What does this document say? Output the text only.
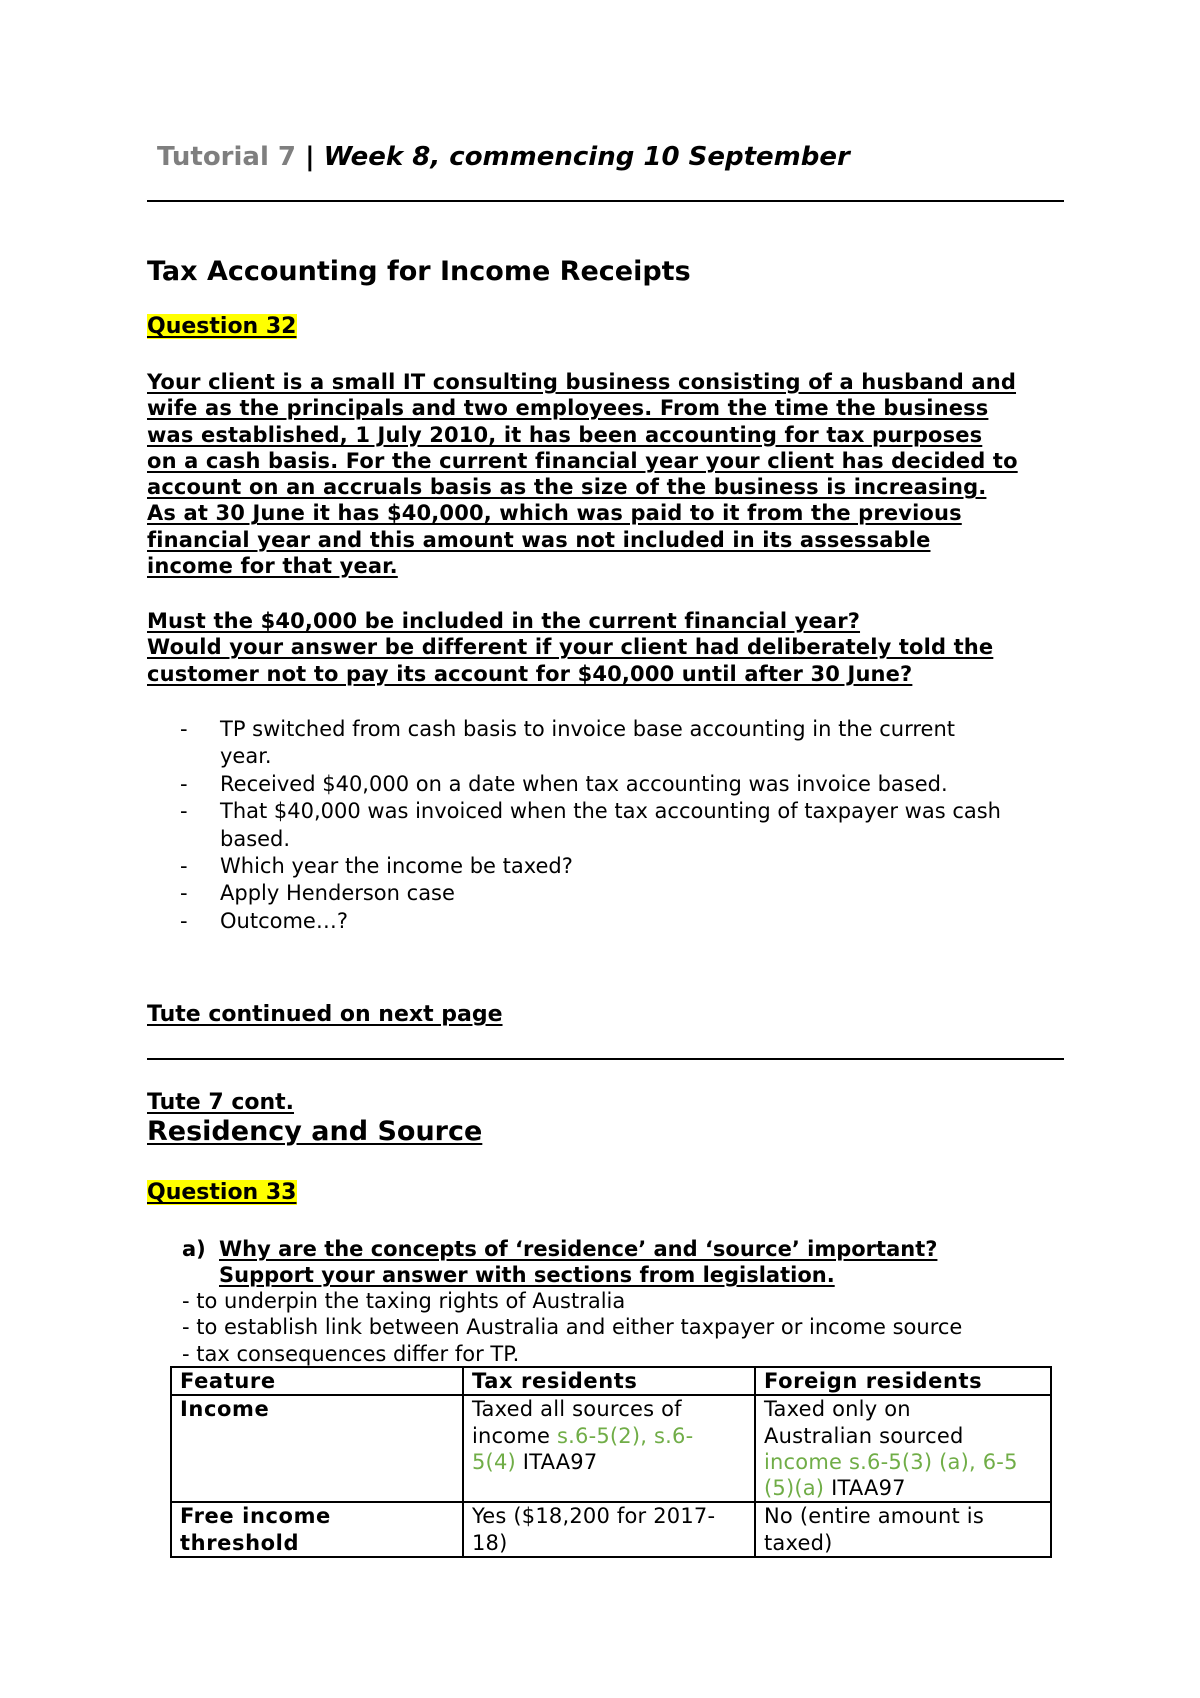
Tutorial 7 | Week 8, commencing 10 September
Tax Accounting for Income Receipts
Question 32
Your client is a small IT consulting business consisting of a husband and
wife as the principals and two employees. From the time the business
was established, 1 July 2010, it has been accounting for tax purposes
on a cash basis. For the current financial year your client has decided to
account on an accruals basis as the size of the business is increasing.
As at 30 June it has $40,000, which was paid to it from the previous
financial year and this amount was not included in its assessable
income for that year.
Must the $40,000 be included in the current financial year?
Would your answer be different if your client had deliberately told the
customer not to pay its account for $40,000 until after 30 June?
- TP switched from cash basis to invoice base accounting in the current
year.
- Received $40,000 on a date when tax accounting was invoice based.
- That $40,000 was invoiced when the tax accounting of taxpayer was cash
based.
- Which year the income be taxed?
- Apply Henderson case
- Outcome…?
Tute continued on next page
Tute 7 cont.
Residency and Source
Question 33
a) Why are the concepts of ‘residence’ and ‘source’ important?
Support your answer with sections from legislation.
- to underpin the taxing rights of Australia
- to establish link between Australia and either taxpayer or income source
- tax consequences differ for TP.
Feature	Tax residents	Foreign residents
Income	Taxed all sources of
income s.6-5(2), s.6-
5(4) ITAA97	Taxed only on
Australian sourced
income s.6-5(3) (a), 6-5
(5)(a) ITAA97
Free income
threshold	Yes ($18,200 for 2017-
18)	No (entire amount is
taxed)
